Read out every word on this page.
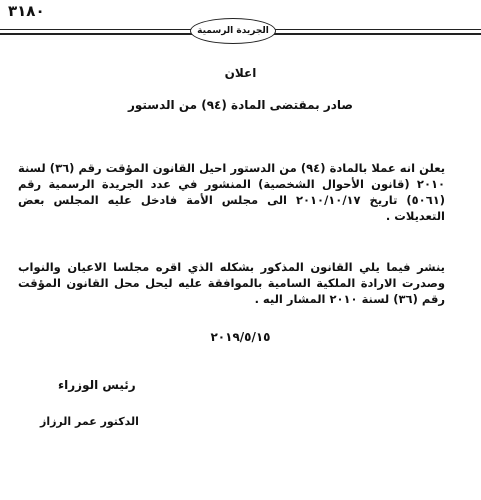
٣١٨٠
الجريدة الرسمية
اعلان
صادر بمقتضى المادة (٩٤) من الدستور
يعلن انه عملا بالمادة (٩٤) من الدستور احيل القانون المؤقت رقم (٣٦) لسنة ٢٠١٠ (قانون الأحوال الشخصية) المنشور في عدد الجريدة الرسمية رقم (٥٠٦١) تاريخ ٢٠١٠/١٠/١٧ الى مجلس الأمة فادخل عليه المجلس بعض التعديلات .
ينشر فيما يلي القانون المذكور بشكله الذي اقره مجلسا الاعيان والنواب وصدرت الارادة الملكية السامية بالموافقة عليه ليحل محل القانون المؤقت رقم (٣٦) لسنة ٢٠١٠ المشار اليه .
٢٠١٩/٥/١٥
رئيس الوزراء
الدكتور عمر الرزاز
